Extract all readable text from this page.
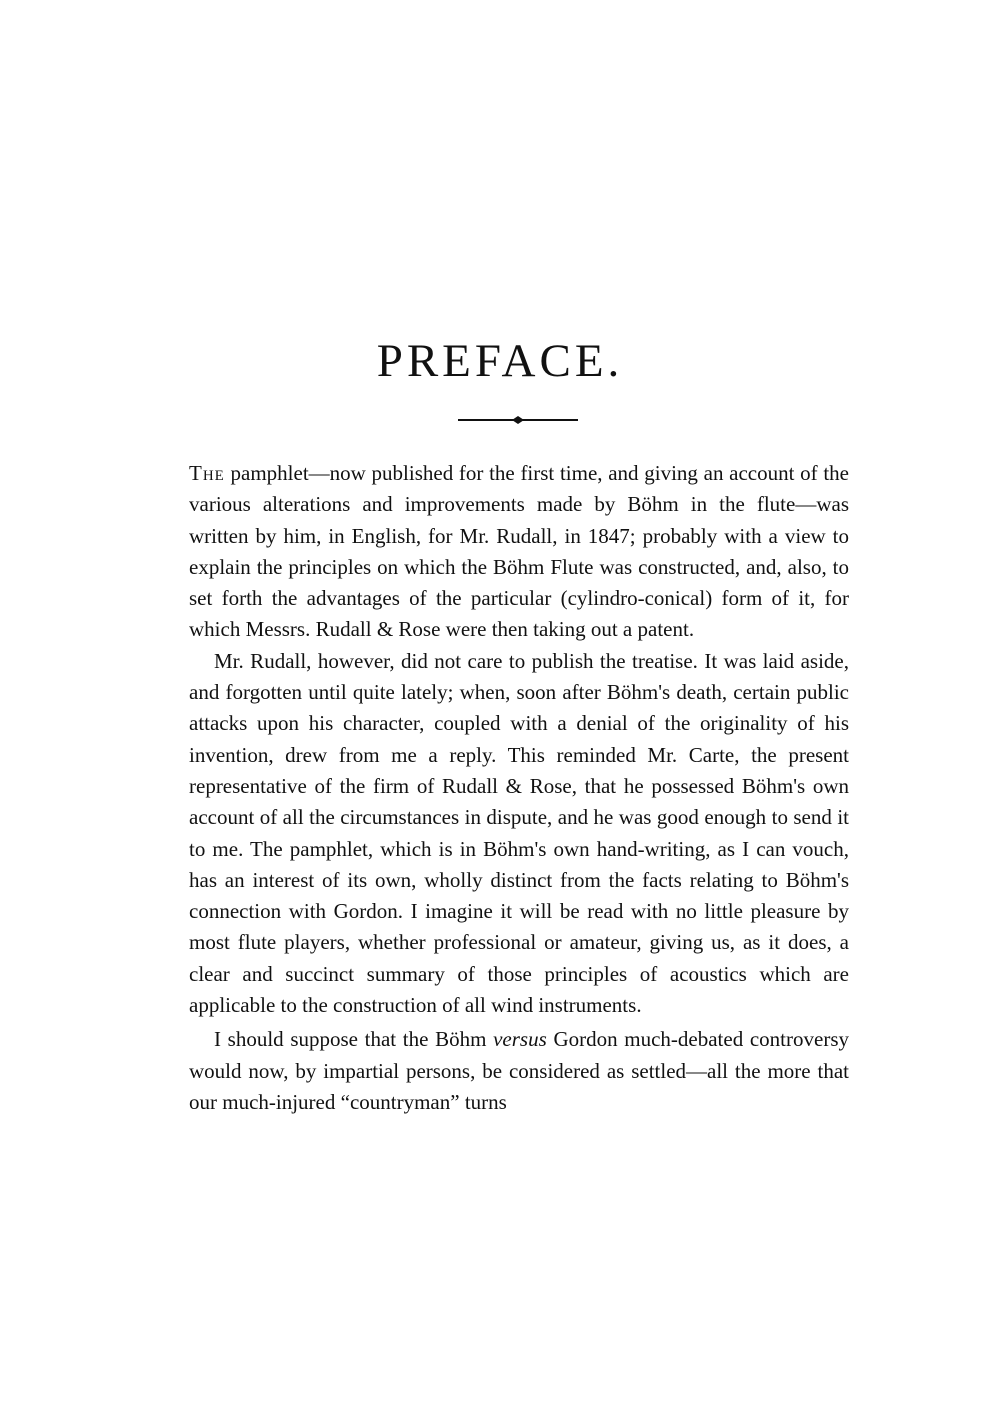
PREFACE.

The pamphlet—now published for the first time, and giving an account of the various alterations and improvements made by Böhm in the flute—was written by him, in English, for Mr. Rudall, in 1847; probably with a view to explain the principles on which the Böhm Flute was constructed, and, also, to set forth the advantages of the particular (cylindro-conical) form of it, for which Messrs. Rudall & Rose were then taking out a patent.

Mr. Rudall, however, did not care to publish the treatise. It was laid aside, and forgotten until quite lately; when, soon after Böhm's death, certain public attacks upon his character, coupled with a denial of the originality of his invention, drew from me a reply. This reminded Mr. Carte, the present representative of the firm of Rudall & Rose, that he possessed Böhm's own account of all the circumstances in dispute, and he was good enough to send it to me. The pamphlet, which is in Böhm's own hand-writing, as I can vouch, has an interest of its own, wholly distinct from the facts relating to Böhm's connection with Gordon. I imagine it will be read with no little pleasure by most flute players, whether professional or amateur, giving us, as it does, a clear and succinct summary of those principles of acoustics which are applicable to the construction of all wind instruments.

I should suppose that the Böhm versus Gordon much-debated controversy would now, by impartial persons, be considered as settled—all the more that our much-injured “countryman” turns
